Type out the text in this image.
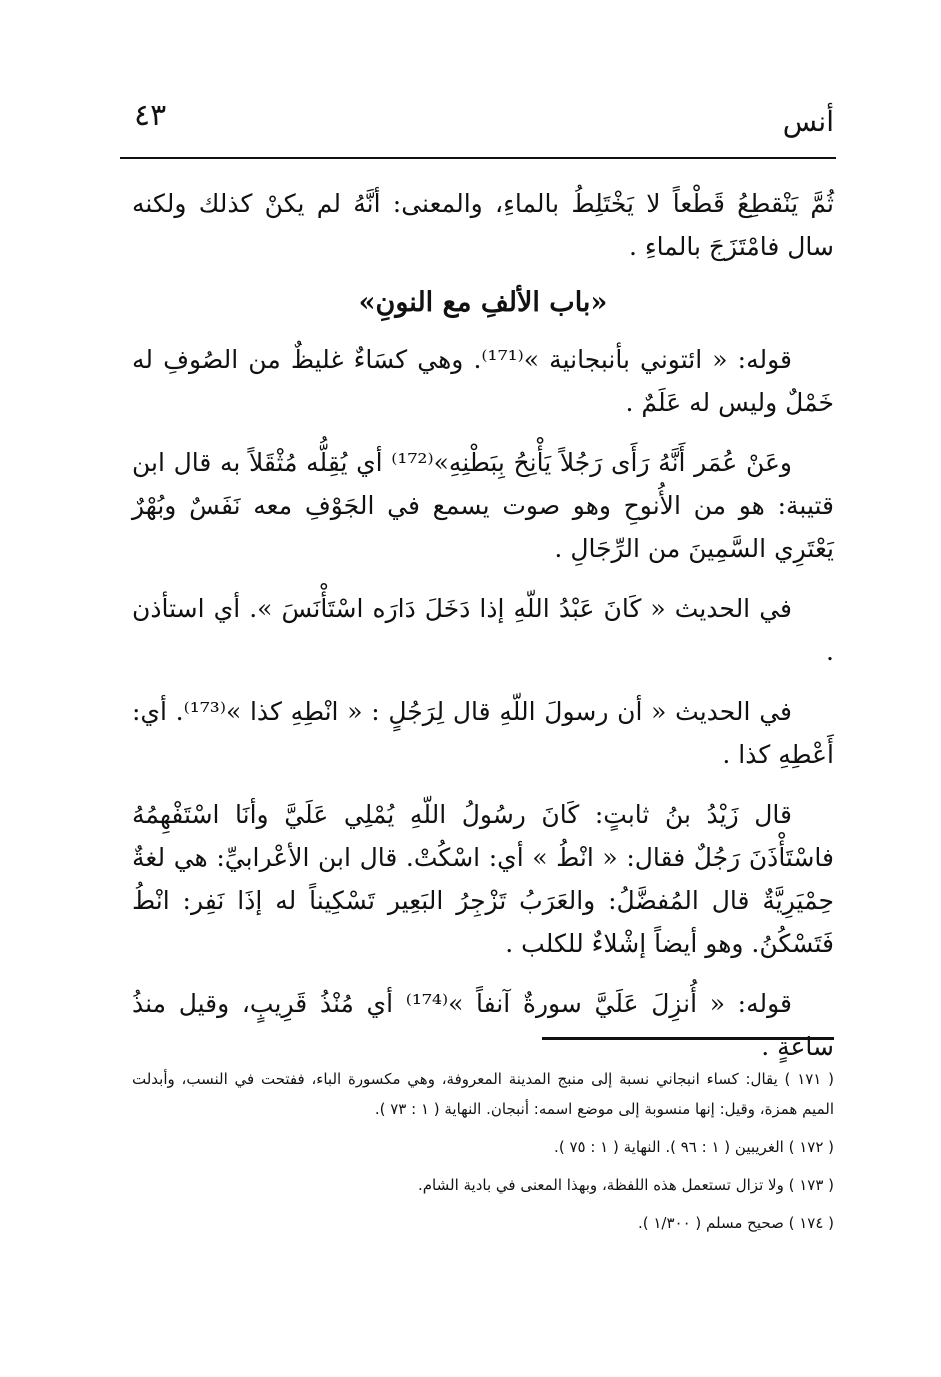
أنس
٤٣

ثُمَّ يَنْقطِعُ قَطْعاً لا يَخْتَلِطُ بالماءِ، والمعنى: أنَّهُ لم يكنْ كذلك ولكنه سال فامْتَزَجَ بالماءِ .

«باب الألفِ مع النونِ»

قوله: « ائتوني بأنبجانية »⁽¹⁷¹⁾. وهي كسَاءٌ غليظٌ من الصُوفِ له خَمْلٌ وليس له عَلَمٌ .

وعَنْ عُمَر أَنَّهُ رَأَى رَجُلاً يَأْنِحُ بِبَطْنِهِ»⁽¹⁷²⁾ أي يُقِلُّه مُثْقَلاً به قال ابن قتيبة: هو من الأُنوحِ وهو صوت يسمع في الجَوْفِ معه نَفَسٌ وبُهْرٌ يَعْتَرِي السَّمِينَ من الرِّجَالِ .

في الحديث « كَانَ عَبْدُ اللّهِ إذا دَخَلَ دَارَه اسْتَأْنَسَ ». أي استأذن .

في الحديث « أن رسولَ اللّهِ قال لِرَجُلٍ : « انْطِهِ كذا »⁽¹⁷³⁾. أي: أَعْطِهِ كذا .

قال زَيْدُ بنُ ثابتٍ: كَانَ رسُولُ اللّهِ يُمْلِي عَلَيَّ وأنَا اسْتَفْهِمُهُ فاسْتَأْذَنَ رَجُلٌ فقال: « انْطُ » أي: اسْكُتْ. قال ابن الأعْرابيِّ: هي لغةٌ حِمْيَرِيَّةٌ قال المُفضَّلُ: والعَرَبُ تَزْجِرُ البَعِير تَسْكِيناً له إذَا نَفِر: انْطُ فَتَسْكُنُ. وهو أيضاً إشْلاءٌ للكلب .

قوله: « أُنزِلَ عَلَيَّ سورةٌ آنفاً »⁽¹⁷⁴⁾ أي مُنْذُ قَرِيبٍ، وقيل منذُ ساعةٍ .

( ١٧١ ) يقال: كساء انبجاني نسبة إلى منبج المدينة المعروفة، وهي مكسورة الباء، ففتحت في النسب، وأبدلت الميم همزة، وقيل: إنها منسوبة إلى موضع اسمه: أنبجان. النهاية ( ١ : ٧٣ ).

( ١٧٢ ) الغريبين ( ١ : ٩٦ ). النهاية ( ١ : ٧٥ ).

( ١٧٣ ) ولا تزال تستعمل هذه اللفظة، وبهذا المعنى في بادية الشام.

( ١٧٤ ) صحيح مسلم ( ١/٣٠٠ ).
